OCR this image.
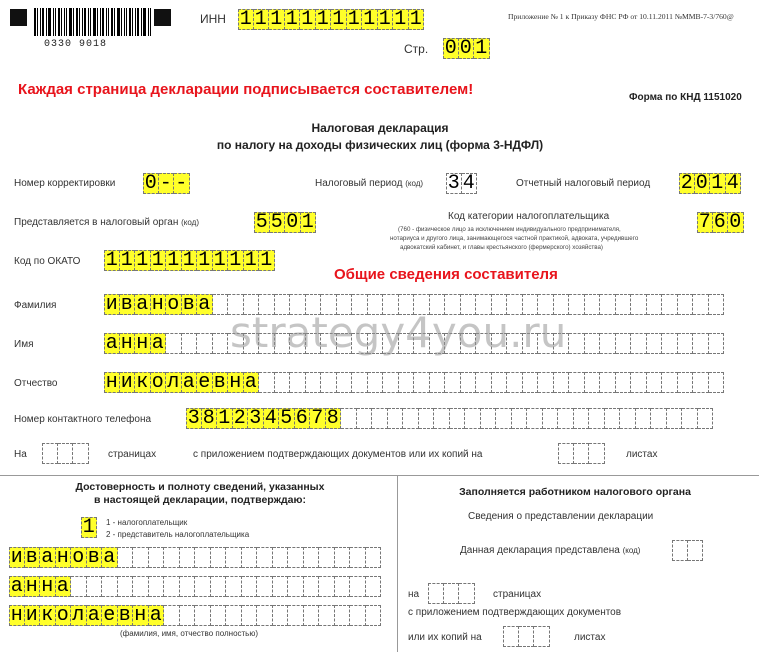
0330 9018
ИНН 1 1 1 1 1 1 1 1 1 1 1 1	Приложение № 1 к Приказу ФНС РФ от 10.11.2011 №ММВ-7-3/760@
Стр. 0 0 1
Каждая страница декларации подписывается составителем!	Форма по КНД 1151020
Налоговая декларация
по налогу на доходы физических лиц (форма 3-НДФЛ)
Номер корректировки 0 - -	Налоговый период (код) 3 4	Отчетный налоговый период 2 0 1 4
Представляется в налоговый орган (код)	5 5 0 1	Код категории налогоплательщика
(760 - физическое лицо за исключением индивидуального предпринимателя,
нотариуса и другого лица, занимающегося частной практикой, адвоката, учредившего
адвокатский кабинет, и главы крестьянского (фермерского) хозяйства)
7 6 0
Код по ОКАТО 1 1 1 1 1 1 1 1 1 1 1
Общие сведения составителя
Фамилия и в а н о в а
Имя	а н н а
Отчество н и к о л а е в н а
Номер контактного телефона 3 8 1 2 3 4 5 6 7 8
На	страницах	с приложением подтверждающих документов или их копий на	листах
Достоверность и полноту сведений, указанных
в настоящей декларации, подтверждаю:
1 1 - налогоплательщик
2 - представитель налогоплательщика
и в а н о в а
а н н а
н и к о л а е в н а
(фамилия, имя, отчество полностью)
Заполняется работником налогового органа
Сведения о представлении декларации
Данная декларация представлена (код)
на	страницах
с приложением подтверждающих документов
или их копий на	листах
strategy4you.ru
